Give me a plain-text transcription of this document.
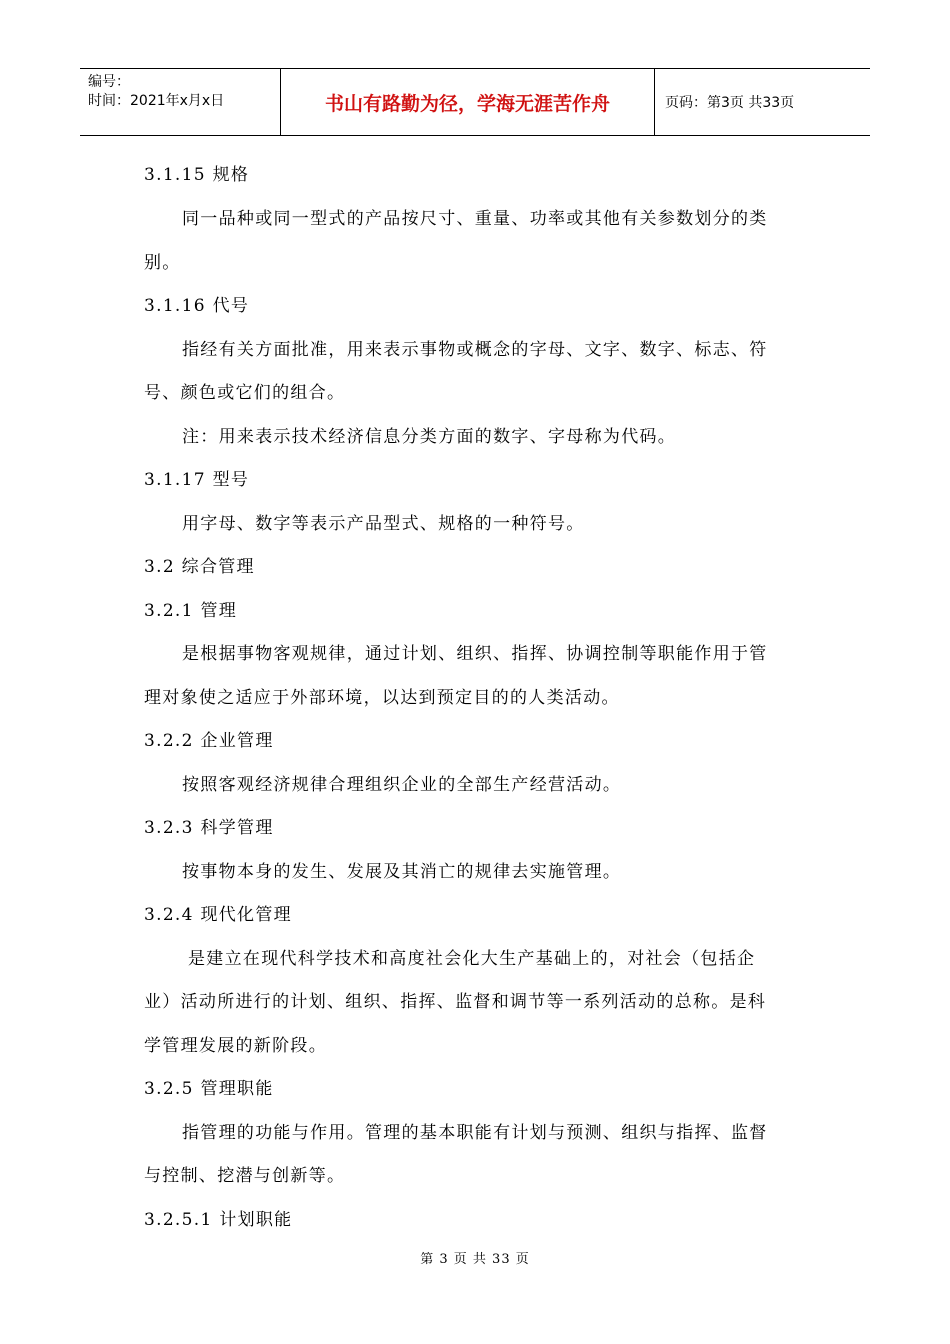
编号：
时间：2021年x月x日	书山有路勤为径，学海无涯苦作舟	页码：第3页 共33页
3.1.15 规格
同一品种或同一型式的产品按尺寸、重量、功率或其他有关参数划分的类
别。
3.1.16 代号
指经有关方面批准，用来表示事物或概念的字母、文字、数字、标志、符
号、颜色或它们的组合。
注：用来表示技术经济信息分类方面的数字、字母称为代码。
3.1.17 型号
用字母、数字等表示产品型式、规格的一种符号。
3.2 综合管理
3.2.1 管理
是根据事物客观规律，通过计划、组织、指挥、协调控制等职能作用于管
理对象使之适应于外部环境，以达到预定目的的人类活动。
3.2.2 企业管理
按照客观经济规律合理组织企业的全部生产经营活动。
3.2.3 科学管理
按事物本身的发生、发展及其消亡的规律去实施管理。
3.2.4 现代化管理
是建立在现代科学技术和高度社会化大生产基础上的，对社会（包括企
业）活动所进行的计划、组织、指挥、监督和调节等一系列活动的总称。是科
学管理发展的新阶段。
3.2.5 管理职能
指管理的功能与作用。管理的基本职能有计划与预测、组织与指挥、监督
与控制、挖潜与创新等。
3.2.5.1 计划职能
第 3 页 共 33 页
